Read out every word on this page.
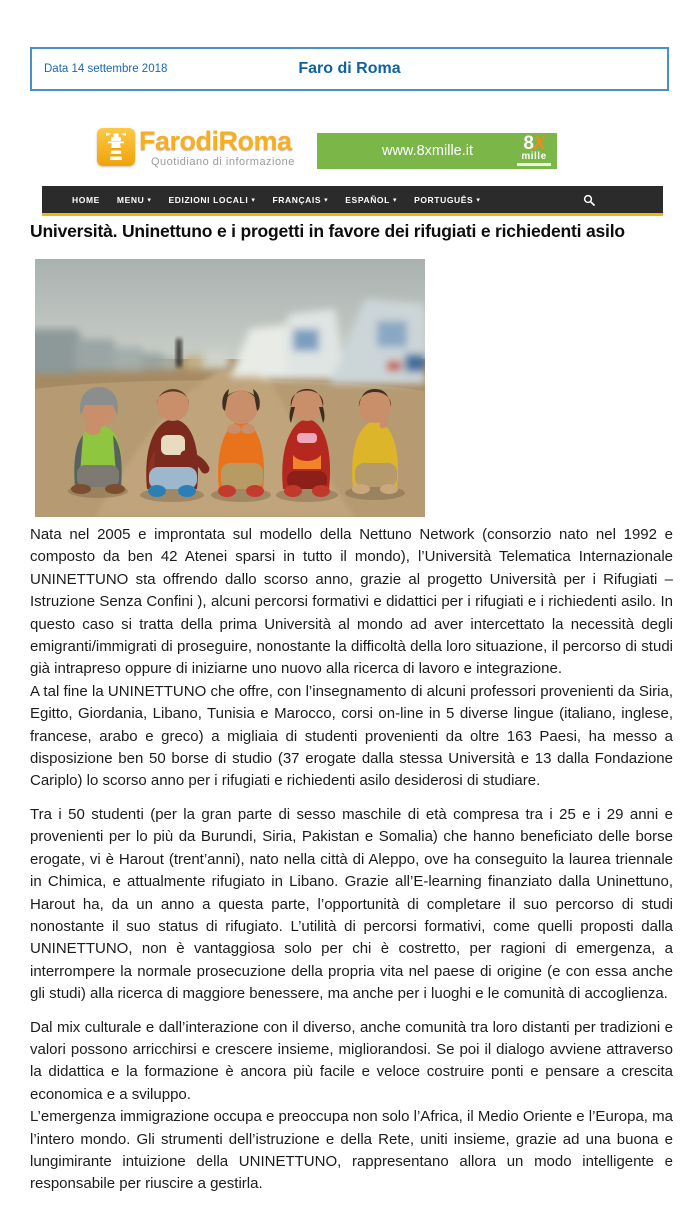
Data 14 settembre 2018	Faro di Roma
FarodiRoma
Quotidiano di informazione
www.8xmille.it	8X
mille
HOME MENU ▾ EDIZIONI LOCALI ▾ FRANÇAIS ▾ ESPAÑOL ▾ PORTUGUÊS ▾
Università. Uninettuno e i progetti in favore dei rifugiati e richiedenti asilo

Nata nel 2005 e improntata sul modello della Nettuno Network (consorzio nato nel 1992 e composto da ben 42 Atenei sparsi in tutto il mondo), l’Università Telematica Internazionale UNINETTUNO sta offrendo dallo scorso anno, grazie al progetto Università per i Rifugiati – Istruzione Senza Confini ), alcuni percorsi formativi e didattici per i rifugiati e i richiedenti asilo. In questo caso si tratta della prima Università al mondo ad aver intercettato la necessità degli emigranti/immigrati di proseguire, nonostante la difficoltà della loro situazione, il percorso di studi già intrapreso oppure di iniziarne uno nuovo alla ricerca di lavoro e integrazione.

A tal fine la UNINETTUNO che offre, con l’insegnamento di alcuni professori provenienti da Siria, Egitto, Giordania, Libano, Tunisia e Marocco, corsi on-line in 5 diverse lingue (italiano, inglese, francese, arabo e greco) a migliaia di studenti provenienti da oltre 163 Paesi, ha messo a disposizione ben 50 borse di studio (37 erogate dalla stessa Università e 13 dalla Fondazione Cariplo) lo scorso anno per i rifugiati e richiedenti asilo desiderosi di studiare.

Tra i 50 studenti (per la gran parte di sesso maschile di età compresa tra i 25 e i 29 anni e provenienti per lo più da Burundi, Siria, Pakistan e Somalia) che hanno beneficiato delle borse erogate, vi è Harout (trent’anni), nato nella città di Aleppo, ove ha conseguito la laurea triennale in Chimica, e attualmente rifugiato in Libano. Grazie all’E-learning finanziato dalla Uninettuno, Harout ha, da un anno a questa parte, l’opportunità di completare il suo percorso di studi nonostante il suo status di rifugiato. L’utilità di percorsi formativi, come quelli proposti dalla UNINETTUNO, non è vantaggiosa solo per chi è costretto, per ragioni di emergenza, a interrompere la normale prosecuzione della propria vita nel paese di origine (e con essa anche gli studi) alla ricerca di maggiore benessere, ma anche per i luoghi e le comunità di accoglienza.

Dal mix culturale e dall’interazione con il diverso, anche comunità tra loro distanti per tradizioni e valori possono arricchirsi e crescere insieme, migliorandosi. Se poi il dialogo avviene attraverso la didattica e la formazione è ancora più facile e veloce costruire ponti e pensare a crescita economica e a sviluppo.

L’emergenza immigrazione occupa e preoccupa non solo l’Africa, il Medio Oriente e l’Europa, ma l’intero mondo. Gli strumenti dell’istruzione e della Rete, uniti insieme, grazie ad una buona e lungimirante intuizione della UNINETTUNO, rappresentano allora un modo intelligente e responsabile per riuscire a gestirla.
